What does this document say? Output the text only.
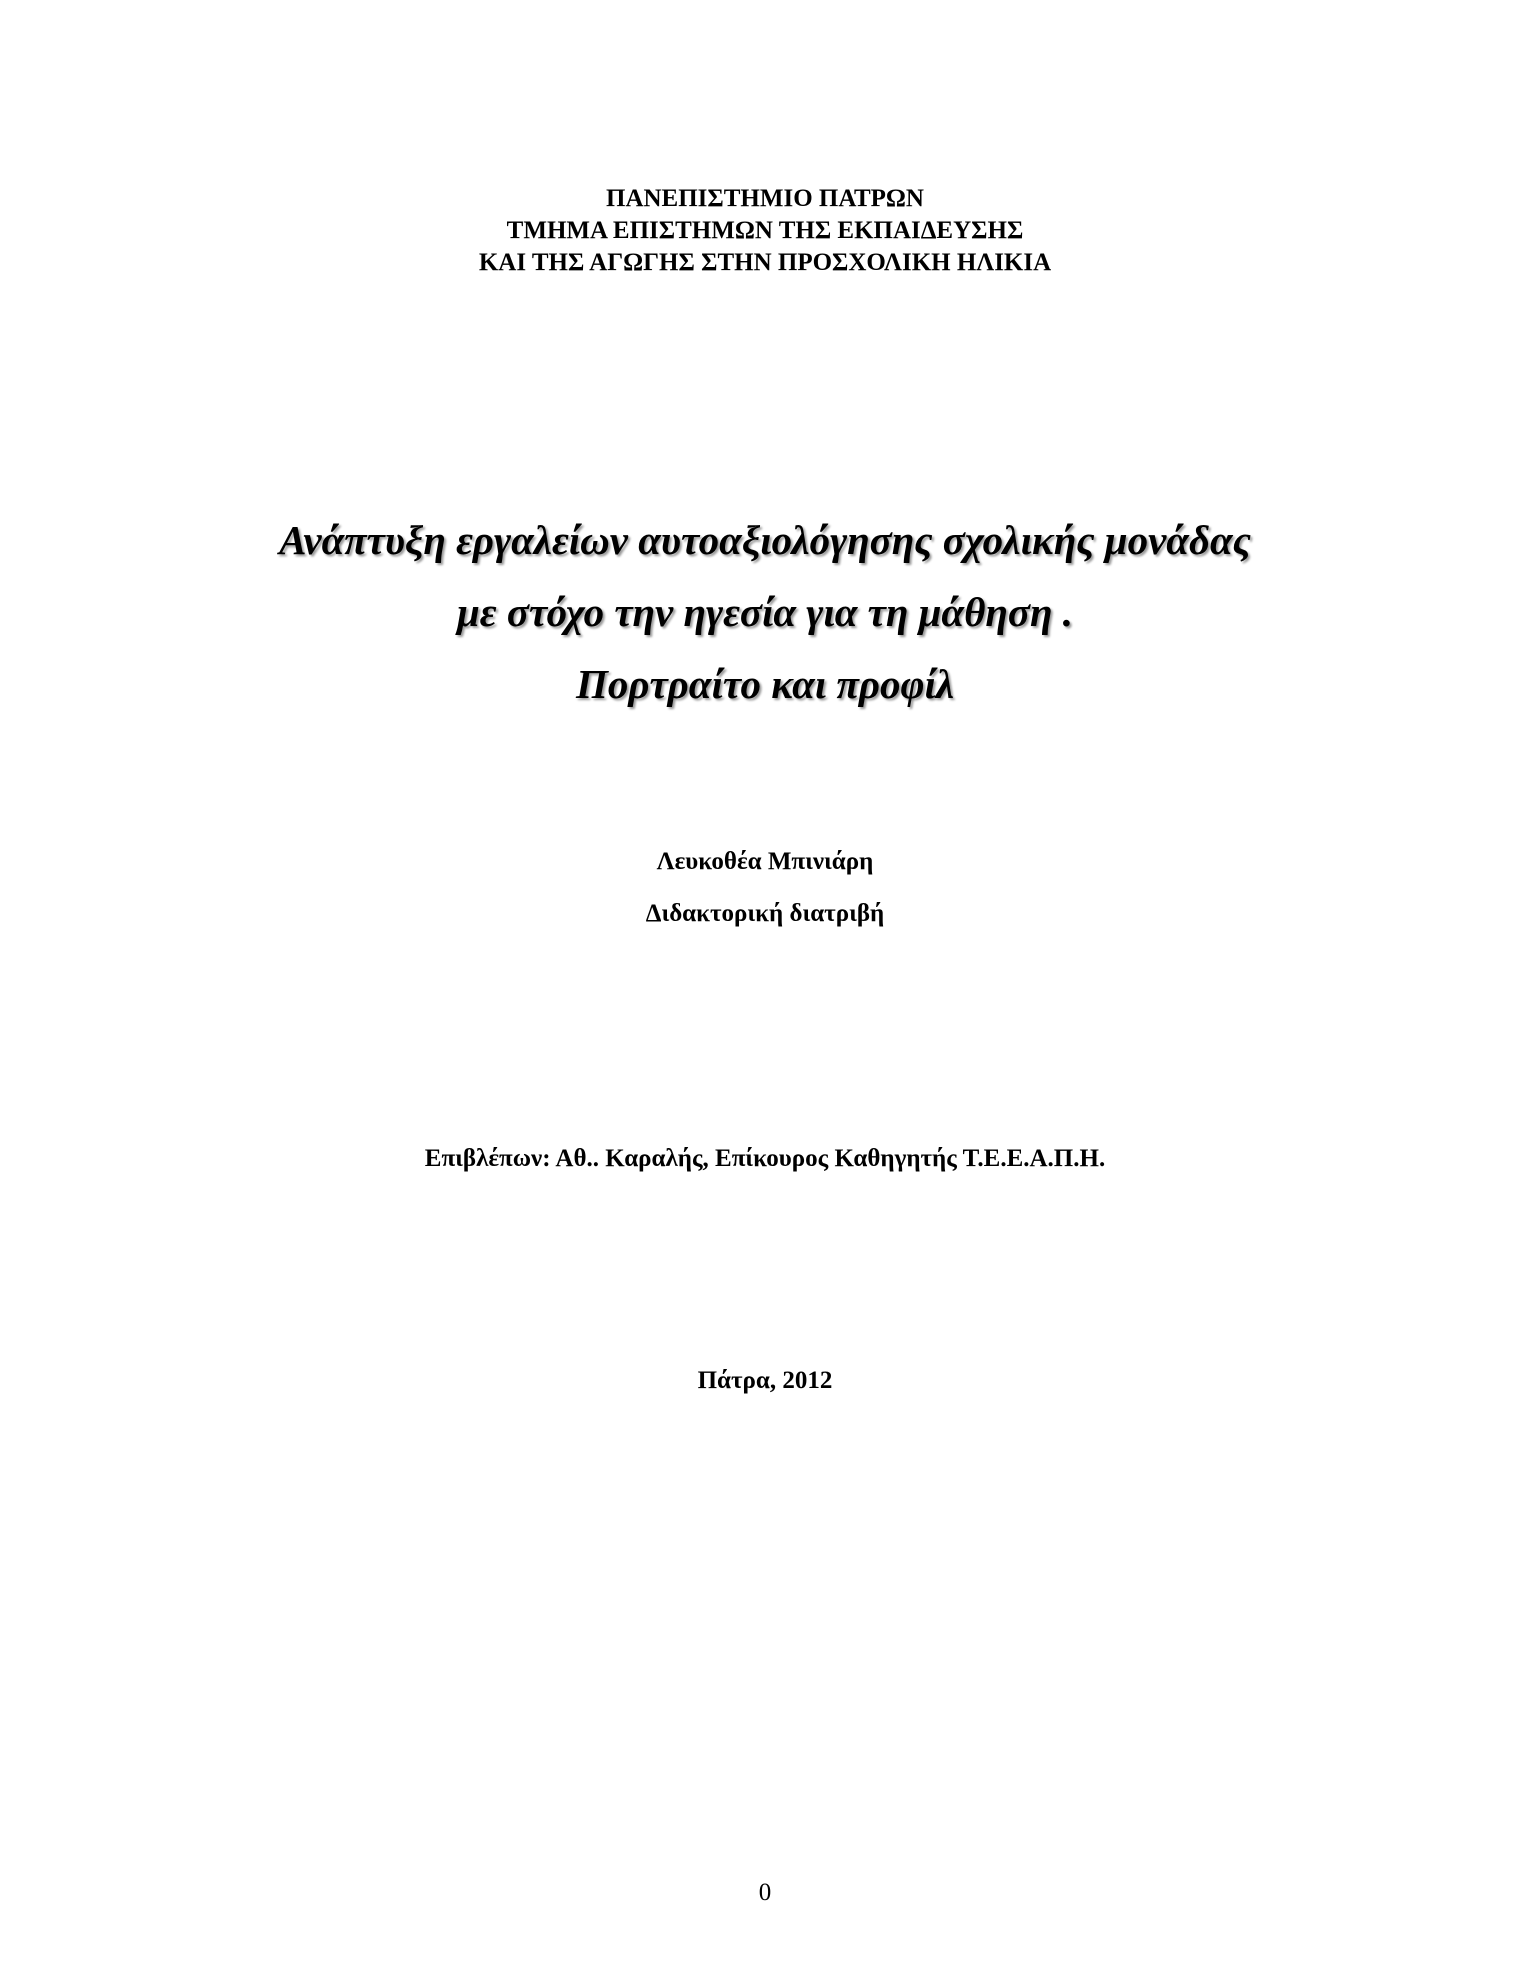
ΠΑΝΕΠΙΣΤΗΜΙΟ ΠΑΤΡΩΝ
ΤΜΗΜΑ ΕΠΙΣΤΗΜΩΝ ΤΗΣ ΕΚΠΑΙΔΕΥΣΗΣ
ΚΑΙ ΤΗΣ ΑΓΩΓΗΣ ΣΤΗΝ ΠΡΟΣΧΟΛΙΚΗ ΗΛΙΚΙΑ
Ανάπτυξη εργαλείων αυτοαξιολόγησης σχολικής μονάδας
με στόχο την ηγεσία για τη μάθηση .
Πορτραίτο και προφίλ
Λευκοθέα Μπινιάρη
Διδακτορική διατριβή
Επιβλέπων: Αθ.. Καραλής, Επίκουρος Καθηγητής Τ.Ε.Ε.Α.Π.Η.
Πάτρα, 2012
0
